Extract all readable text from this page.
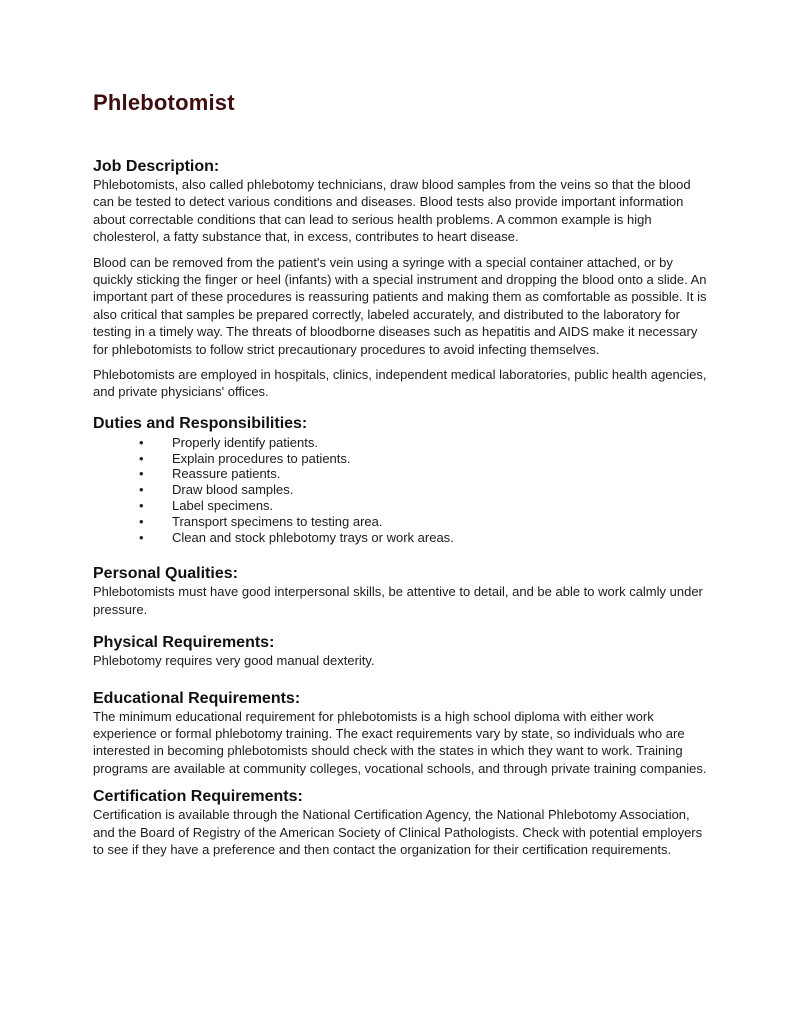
Phlebotomist
Job Description:

Phlebotomists, also called phlebotomy technicians, draw blood samples from the veins so that the blood can be tested to detect various conditions and diseases. Blood tests also provide important information about correctable conditions that can lead to serious health problems. A common example is high cholesterol, a fatty substance that, in excess, contributes to heart disease.

Blood can be removed from the patient's vein using a syringe with a special container attached, or by quickly sticking the finger or heel (infants) with a special instrument and dropping the blood onto a slide. An important part of these procedures is reassuring patients and making them as comfortable as possible. It is also critical that samples be prepared correctly, labeled accurately, and distributed to the laboratory for testing in a timely way. The threats of bloodborne diseases such as hepatitis and AIDS make it necessary for phlebotomists to follow strict precautionary procedures to avoid infecting themselves.

Phlebotomists are employed in hospitals, clinics, independent medical laboratories, public health agencies, and private physicians' offices.

Duties and Responsibilities:
• Properly identify patients.
• Explain procedures to patients.
• Reassure patients.
• Draw blood samples.
• Label specimens.
• Transport specimens to testing area.
• Clean and stock phlebotomy trays or work areas.
Personal Qualities:

Phlebotomists must have good interpersonal skills, be attentive to detail, and be able to work calmly under pressure.

Physical Requirements:

Phlebotomy requires very good manual dexterity.

Educational Requirements:

The minimum educational requirement for phlebotomists is a high school diploma with either work experience or formal phlebotomy training. The exact requirements vary by state, so individuals who are interested in becoming phlebotomists should check with the states in which they want to work. Training programs are available at community colleges, vocational schools, and through private training companies.

Certification Requirements:

Certification is available through the National Certification Agency, the National Phlebotomy Association, and the Board of Registry of the American Society of Clinical Pathologists. Check with potential employers to see if they have a preference and then contact the organization for their certification requirements.
